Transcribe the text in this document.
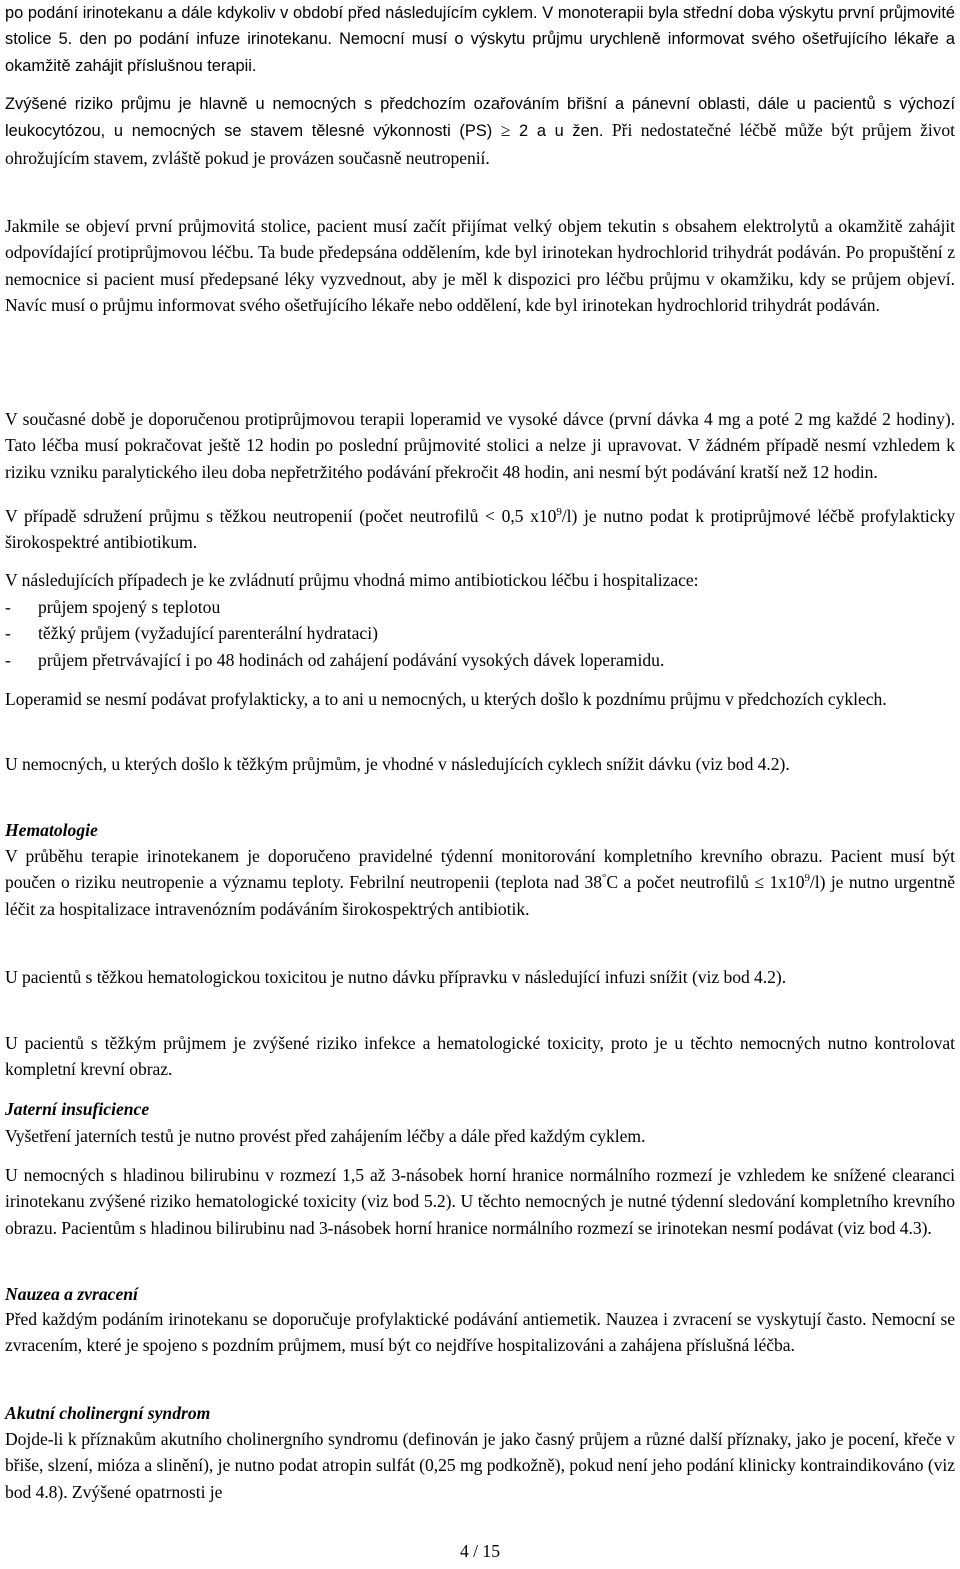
po podání irinotekanu a dále kdykoliv v období před následujícím cyklem. V monoterapii byla střední doba výskytu první průjmovité stolice 5. den po podání infuze irinotekanu. Nemocní musí o výskytu průjmu urychleně informovat svého ošetřujícího lékaře a okamžitě zahájit příslušnou terapii.

Zvýšené riziko průjmu je hlavně u nemocných s předchozím ozařováním břišní a pánevní oblasti, dále u pacientů s výchozí leukocytózou, u nemocných se stavem tělesné výkonnosti (PS) ≥ 2 a u žen. Při nedostatečné léčbě může být průjem život ohrožujícím stavem, zvláště pokud je provázen současně neutropenií.

Jakmile se objeví první průjmovitá stolice, pacient musí začít přijímat velký objem tekutin s obsahem elektrolytů a okamžitě zahájit odpovídající protiprůjmovou léčbu. Ta bude předepsána oddělením, kde byl irinotekan hydrochlorid trihydrát podáván. Po propuštění z nemocnice si pacient musí předepsané léky vyzvednout, aby je měl k dispozici pro léčbu průjmu v okamžiku, kdy se průjem objeví. Navíc musí o průjmu informovat svého ošetřujícího lékaře nebo oddělení, kde byl irinotekan hydrochlorid trihydrát podáván.

V současné době je doporučenou protiprůjmovou terapii loperamid ve vysoké dávce (první dávka 4 mg a poté 2 mg každé 2 hodiny). Tato léčba musí pokračovat ještě 12 hodin po poslední průjmovité stolici a nelze ji upravovat. V žádném případě nesmí vzhledem k riziku vzniku paralytického ileu doba nepřetržitého podávání překročit 48 hodin, ani nesmí být podávání kratší než 12 hodin.

V případě sdružení průjmu s těžkou neutropenií (počet neutrofilů < 0,5 $x10^9/l$) je nutno podat k protiprůjmové léčbě profylakticky širokospektré antibiotikum.

V následujících případech je ke zvládnutí průjmu vhodná mimo antibiotickou léčbu i hospitalizace:

- průjem spojený s teplotou
- těžký průjem (vyžadující parenterální hydrataci)
- průjem přetrvávající i po 48 hodinách od zahájení podávání vysokých dávek loperamidu.

Loperamid se nesmí podávat profylakticky, a to ani u nemocných, u kterých došlo k pozdnímu průjmu v předchozích cyklech.

U nemocných, u kterých došlo k těžkým průjmům, je vhodné v následujících cyklech snížit dávku (viz bod 4.2).

Hematologie

V průběhu terapie irinotekanem je doporučeno pravidelné týdenní monitorování kompletního krevního obrazu. Pacient musí být poučen o riziku neutropenie a významu teploty. Febrilní neutropenii (teplota nad 38°C a počet neutrofilů ≤ $1x10^9/l$) je nutno urgentně léčit za hospitalizace intravenózním podáváním širokospektrých antibiotik.

U pacientů s těžkou hematologickou toxicitou je nutno dávku přípravku v následující infuzi snížit (viz bod 4.2).

U pacientů s těžkým průjmem je zvýšené riziko infekce a hematologické toxicity, proto je u těchto nemocných nutno kontrolovat kompletní krevní obraz.

Jaterní insuficience

Vyšetření jaterních testů je nutno provést před zahájením léčby a dále před každým cyklem.

U nemocných s hladinou bilirubinu v rozmezí 1,5 až 3-násobek horní hranice normálního rozmezí je vzhledem ke snížené clearanci irinotekanu zvýšené riziko hematologické toxicity (viz bod 5.2). U těchto nemocných je nutné týdenní sledování kompletního krevního obrazu. Pacientům s hladinou bilirubinu nad 3-násobek horní hranice normálního rozmezí se irinotekan nesmí podávat (viz bod 4.3).

Nauzea a zvracení

Před každým podáním irinotekanu se doporučuje profylaktické podávání antiemetik. Nauzea i zvracení se vyskytují často. Nemocní se zvracením, které je spojeno s pozdním průjmem, musí být co nejdříve hospitalizováni a zahájena příslušná léčba.

Akutní cholinergní syndrom

Dojde-li k příznakům akutního cholinergního syndromu (definován je jako časný průjem a různé další příznaky, jako je pocení, křeče v břiše, slzení, mióza a slinění), je nutno podat atropin sulfát (0,25 mg podkožně), pokud není jeho podání klinicky kontraindikováno (viz bod 4.8). Zvýšené opatrnosti je

4 / 15
